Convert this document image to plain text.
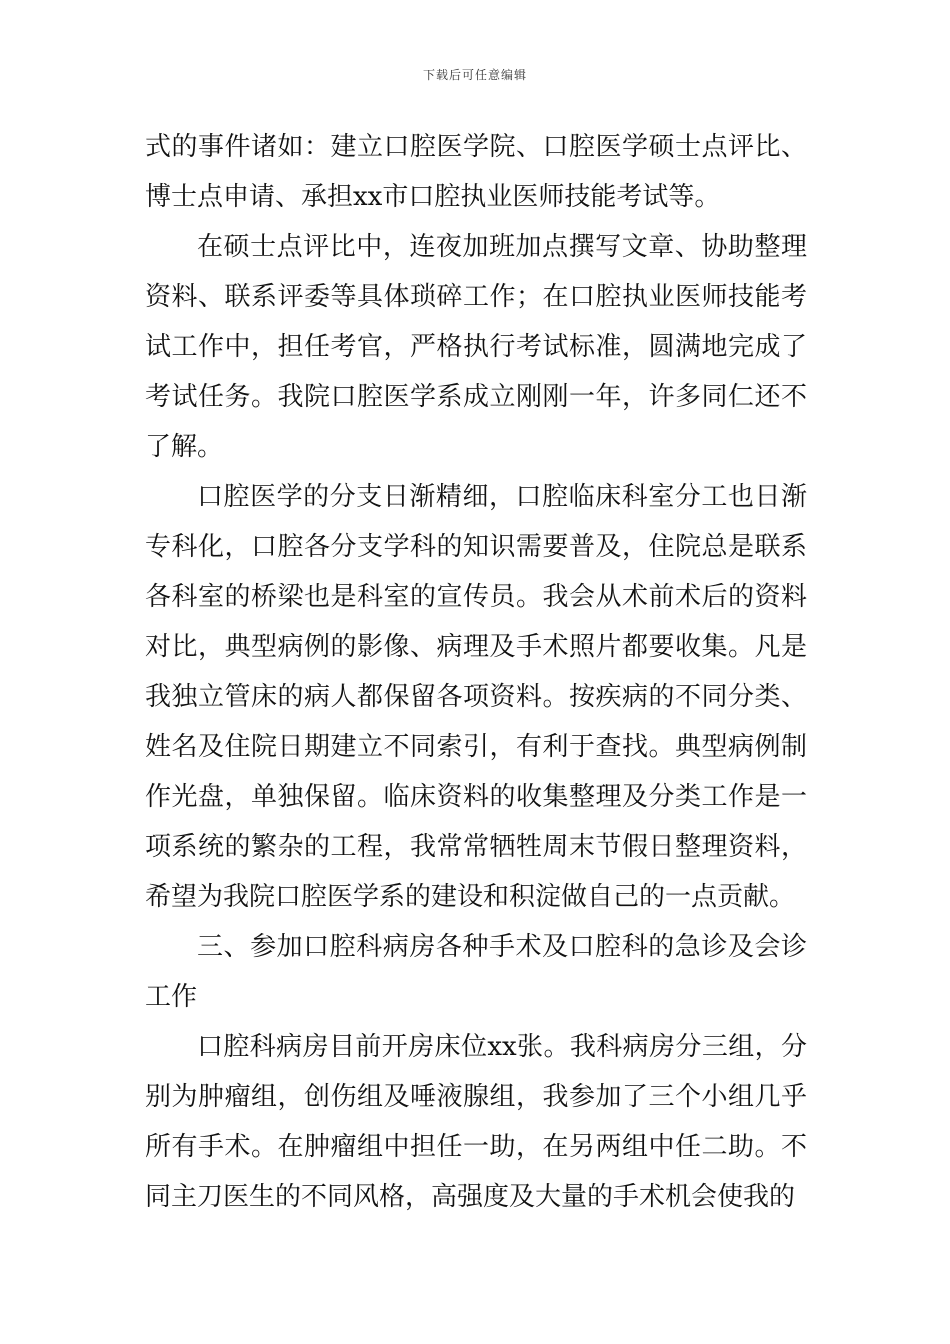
下载后可任意编辑

式的事件诸如：建立口腔医学院、口腔医学硕士点评比、博士点申请、承担xx市口腔执业医师技能考试等。

在硕士点评比中，连夜加班加点撰写文章、协助整理资料、联系评委等具体琐碎工作；在口腔执业医师技能考试工作中，担任考官，严格执行考试标准，圆满地完成了考试任务。我院口腔医学系成立刚刚一年，许多同仁还不了解。

口腔医学的分支日渐精细，口腔临床科室分工也日渐专科化，口腔各分支学科的知识需要普及，住院总是联系各科室的桥梁也是科室的宣传员。我会从术前术后的资料对比，典型病例的影像、病理及手术照片都要收集。凡是我独立管床的病人都保留各项资料。按疾病的不同分类、姓名及住院日期建立不同索引，有利于查找。典型病例制作光盘，单独保留。临床资料的收集整理及分类工作是一项系统的繁杂的工程，我常常牺牲周末节假日整理资料，希望为我院口腔医学系的建设和积淀做自己的一点贡献。

三、参加口腔科病房各种手术及口腔科的急诊及会诊工作

口腔科病房目前开房床位xx张。我科病房分三组，分别为肿瘤组，创伤组及唾液腺组，我参加了三个小组几乎所有手术。在肿瘤组中担任一助，在另两组中任二助。不同主刀医生的不同风格，高强度及大量的手术机会使我的
